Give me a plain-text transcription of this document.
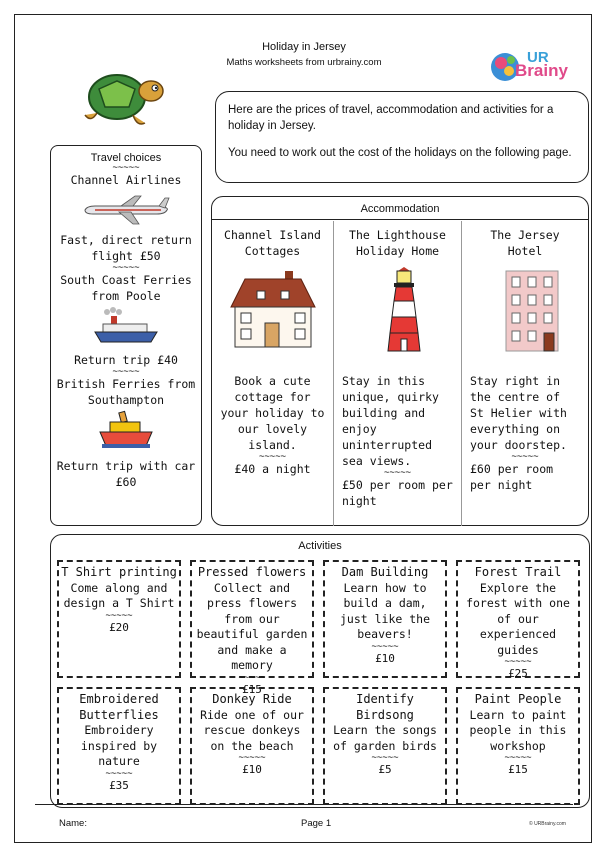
Holiday in Jersey
Maths worksheets from urbrainy.com	UR
Brainy

Here are the prices of travel, accommodation and activities for a holiday in Jersey.

You need to work out the cost of the holidays on the following page.

Travel choices
~~~~~
Channel Airlines
Fast, direct return flight £50
~~~~~
South Coast Ferries from Poole
Return trip £40
~~~~~
British Ferries from Southampton
Return trip with car £60
Accommodation
Channel Island Cottages
Book a cute cottage for your holiday to our lovely island.
~~~~~
£40 a night
The Lighthouse Holiday Home
Stay in this unique, quirky building and enjoy uninterrupted sea views.
~~~~~
£50 per room per night
The Jersey Hotel
Stay right in the centre of St Helier with everything on your doorstep.
~~~~~
£60 per room per night
Activities
T Shirt printing
Come along and design a T Shirt
~~~~~
£20
Pressed flowers
Collect and press flowers from our beautiful garden and make a memory
~~~~~
£15
Dam Building
Learn how to build a dam, just like the beavers!
~~~~~
£10
Forest Trail
Explore the forest with one of our experienced guides
~~~~~
£25
Embroidered Butterflies
Embroidery inspired by nature
~~~~~
£35
Donkey Ride
Ride one of our rescue donkeys on the beach
~~~~~
£10
Identify Birdsong
Learn the songs of garden birds
~~~~~
£5
Paint People
Learn to paint people in this workshop
~~~~~
£15
Name:	Page 1	© URBrainy.com
